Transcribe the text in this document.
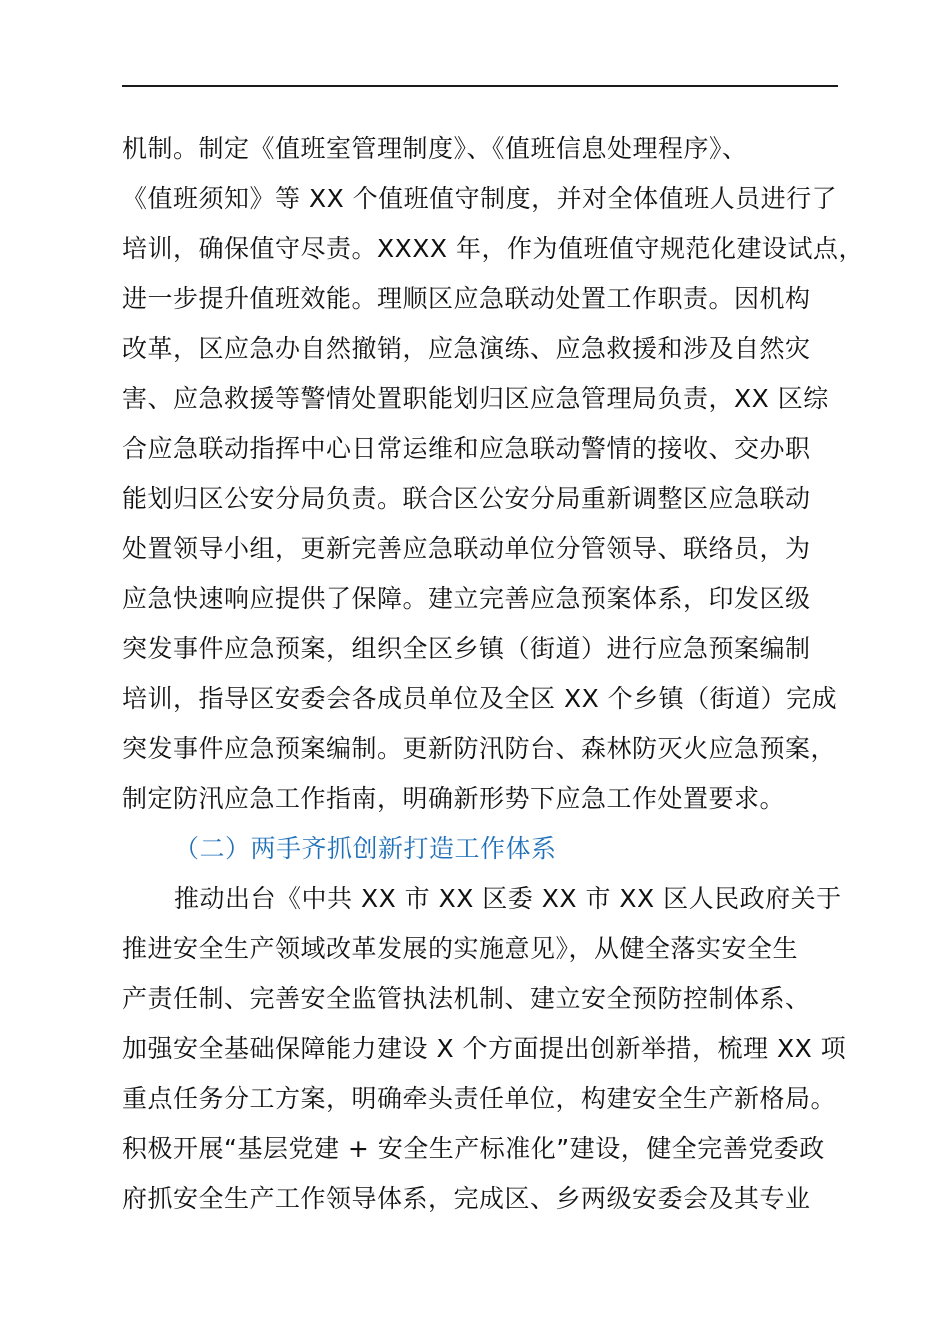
机制。制定《值班室管理制度》、《值班信息处理程序》、
《值班须知》等 XX 个值班值守制度，并对全体值班人员进行了
培训，确保值守尽责。XXXX 年，作为值班值守规范化建设试点，
进一步提升值班效能。理顺区应急联动处置工作职责。因机构
改革，区应急办自然撤销，应急演练、应急救援和涉及自然灾
害、应急救援等警情处置职能划归区应急管理局负责，XX 区综
合应急联动指挥中心日常运维和应急联动警情的接收、交办职
能划归区公安分局负责。联合区公安分局重新调整区应急联动
处置领导小组，更新完善应急联动单位分管领导、联络员，为
应急快速响应提供了保障。建立完善应急预案体系，印发区级
突发事件应急预案，组织全区乡镇（街道）进行应急预案编制
培训，指导区安委会各成员单位及全区 XX 个乡镇（街道）完成
突发事件应急预案编制。更新防汛防台、森林防灭火应急预案，
制定防汛应急工作指南，明确新形势下应急工作处置要求。
（二）两手齐抓创新打造工作体系
推动出台《中共 XX 市 XX 区委 XX 市 XX 区人民政府关于
推进安全生产领域改革发展的实施意见》，从健全落实安全生
产责任制、完善安全监管执法机制、建立安全预防控制体系、
加强安全基础保障能力建设 X 个方面提出创新举措，梳理 XX 项
重点任务分工方案，明确牵头责任单位，构建安全生产新格局。
积极开展“基层党建 + 安全生产标准化”建设，健全完善党委政
府抓安全生产工作领导体系，完成区、乡两级安委会及其专业
